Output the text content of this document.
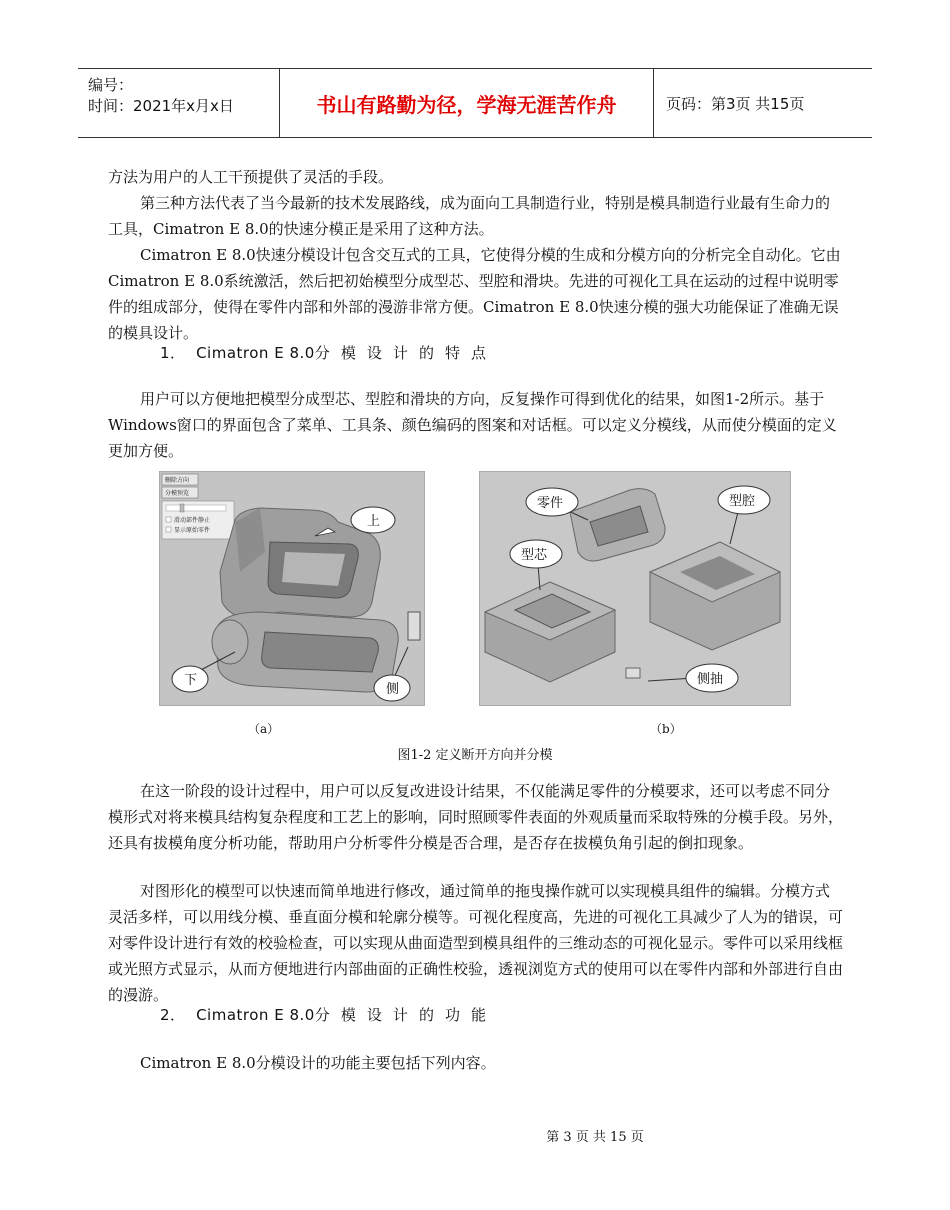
编号：
时间：2021年x月x日	书山有路勤为径，学海无涯苦作舟	页码：第3页 共15页

方法为用户的人工干预提供了灵活的手段。

第三种方法代表了当今最新的技术发展路线，成为面向工具制造行业，特别是模具制造行业最有生命力的工具，Cimatron E 8.0的快速分模正是采用了这种方法。

Cimatron E 8.0快速分模设计包含交互式的工具，它使得分模的生成和分模方向的分析完全自动化。它由Cimatron E 8.0系统激活，然后把初始模型分成型芯、型腔和滑块。先进的可视化工具在运动的过程中说明零件的组成部分，使得在零件内部和外部的漫游非常方便。Cimatron E 8.0快速分模的强大功能保证了准确无误的模具设计。

1．  Cimatron E 8.0分  模  设  计  的  特  点

用户可以方便地把模型分成型芯、型腔和滑块的方向，反复操作可得到优化的结果，如图1-2所示。基于Windows窗口的界面包含了菜单、工具条、颜色编码的图案和对话框。可以定义分模线，从而使分模面的定义更加方便。

删除方向
分模预览
滑动部件静止
显示原始零件
上
下
侧
零件	型腔
型芯
侧抽
（a）	（b）
图1-2 定义断开方向并分模

在这一阶段的设计过程中，用户可以反复改进设计结果，不仅能满足零件的分模要求，还可以考虑不同分模形式对将来模具结构复杂程度和工艺上的影响，同时照顾零件表面的外观质量而采取特殊的分模手段。另外，还具有拔模角度分析功能，帮助用户分析零件分模是否合理，是否存在拔模负角引起的倒扣现象。

对图形化的模型可以快速而简单地进行修改，通过简单的拖曳操作就可以实现模具组件的编辑。分模方式灵活多样，可以用线分模、垂直面分模和轮廓分模等。可视化程度高，先进的可视化工具减少了人为的错误，可对零件设计进行有效的校验检查，可以实现从曲面造型到模具组件的三维动态的可视化显示。零件可以采用线框或光照方式显示，从而方便地进行内部曲面的正确性校验，透视浏览方式的使用可以在零件内部和外部进行自由的漫游。

2．  Cimatron E 8.0分  模  设  计  的  功  能

Cimatron E 8.0分模设计的功能主要包括下列内容。

第 3 页 共 15 页
